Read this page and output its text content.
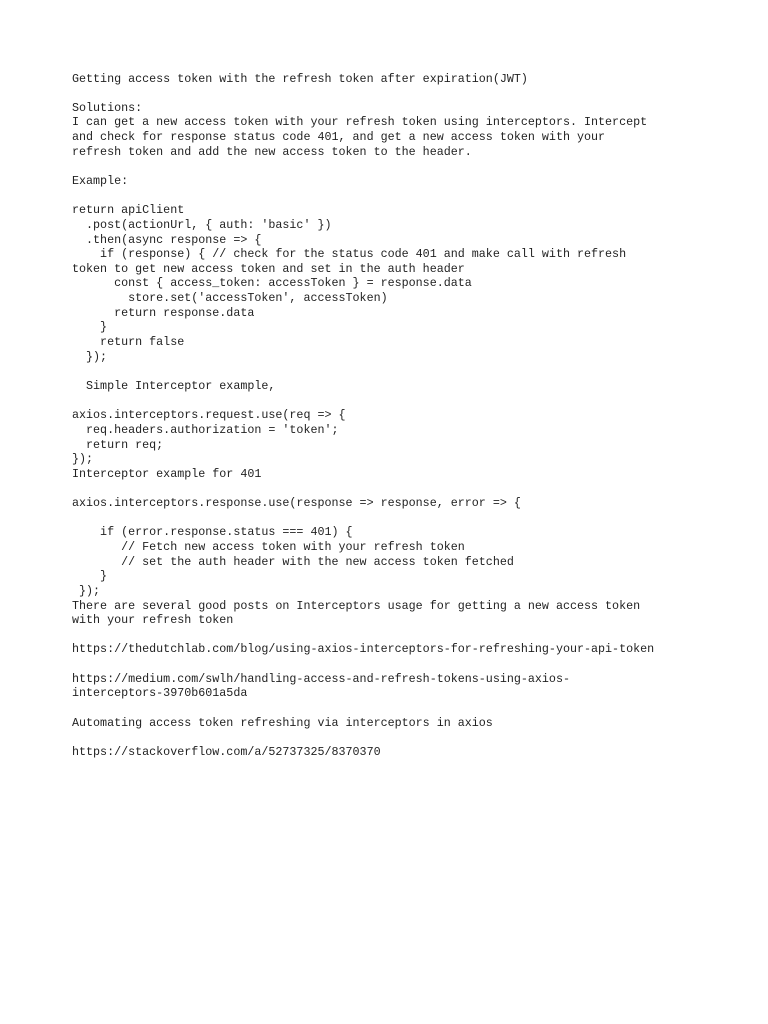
Getting access token with the refresh token after expiration(JWT)
Solutions:
I can get a new access token with your refresh token using interceptors. Intercept
and check for response status code 401, and get a new access token with your
refresh token and add the new access token to the header.
Example:
return apiClient
.post(actionUrl, { auth: 'basic' })
.then(async response => {
if (response) { // check for the status code 401 and make call with refresh
token to get new access token and set in the auth header
const { access_token: accessToken } = response.data
store.set('accessToken', accessToken)
return response.data
}
return false
});
Simple Interceptor example,
axios.interceptors.request.use(req => {
req.headers.authorization = 'token';
return req;
});
Interceptor example for 401
axios.interceptors.response.use(response => response, error => {
if (error.response.status === 401) {
// Fetch new access token with your refresh token
// set the auth header with the new access token fetched
}
});
There are several good posts on Interceptors usage for getting a new access token
with your refresh token
https://thedutchlab.com/blog/using-axios-interceptors-for-refreshing-your-api-token
https://medium.com/swlh/handling-access-and-refresh-tokens-using-axios-
interceptors-3970b601a5da
Automating access token refreshing via interceptors in axios
https://stackoverflow.com/a/52737325/8370370
